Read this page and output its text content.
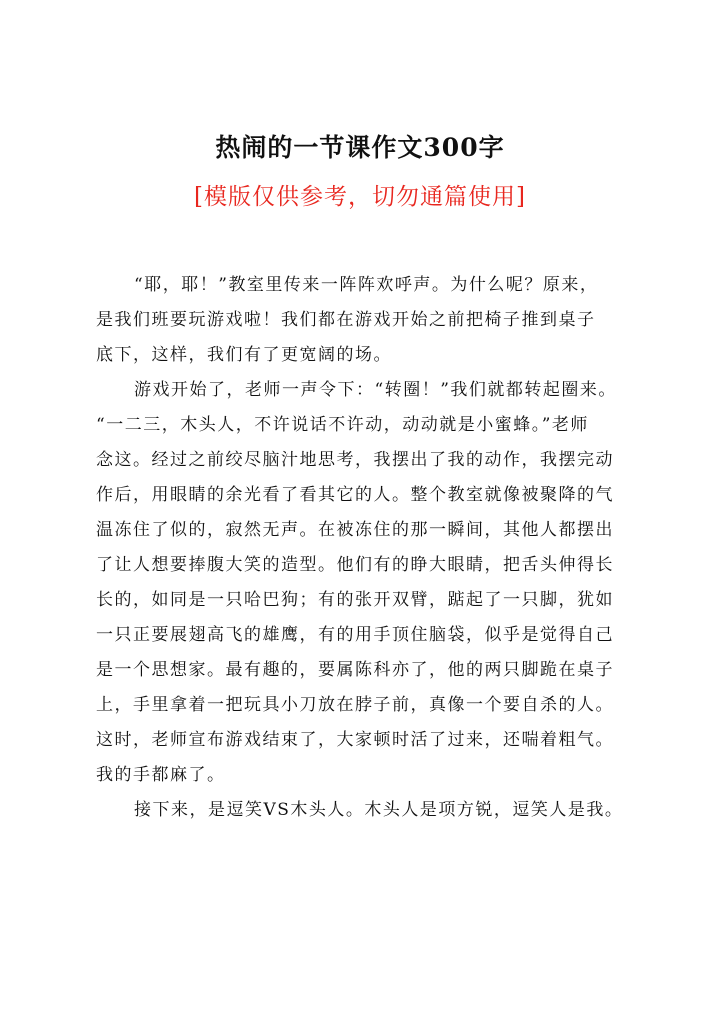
热闹的一节课作文300字
[模版仅供参考，切勿通篇使用]
“耶，耶！”教室里传来一阵阵欢呼声。为什么呢？原来，
是我们班要玩游戏啦！我们都在游戏开始之前把椅子推到桌子
底下，这样，我们有了更宽阔的场。
游戏开始了，老师一声令下：“转圈！”我们就都转起圈来。
“一二三，木头人，不许说话不许动，动动就是小蜜蜂。”老师
念这。经过之前绞尽脑汁地思考，我摆出了我的动作，我摆完动
作后，用眼睛的余光看了看其它的人。整个教室就像被聚降的气
温冻住了似的，寂然无声。在被冻住的那一瞬间，其他人都摆出
了让人想要捧腹大笑的造型。他们有的睁大眼睛，把舌头伸得长
长的，如同是一只哈巴狗；有的张开双臂，踮起了一只脚，犹如
一只正要展翅高飞的雄鹰，有的用手顶住脑袋，似乎是觉得自己
是一个思想家。最有趣的，要属陈科亦了，他的两只脚跪在桌子
上，手里拿着一把玩具小刀放在脖子前，真像一个要自杀的人。
这时，老师宣布游戏结束了，大家顿时活了过来，还喘着粗气。
我的手都麻了。
接下来，是逗笑VS木头人。木头人是项方锐，逗笑人是我。
